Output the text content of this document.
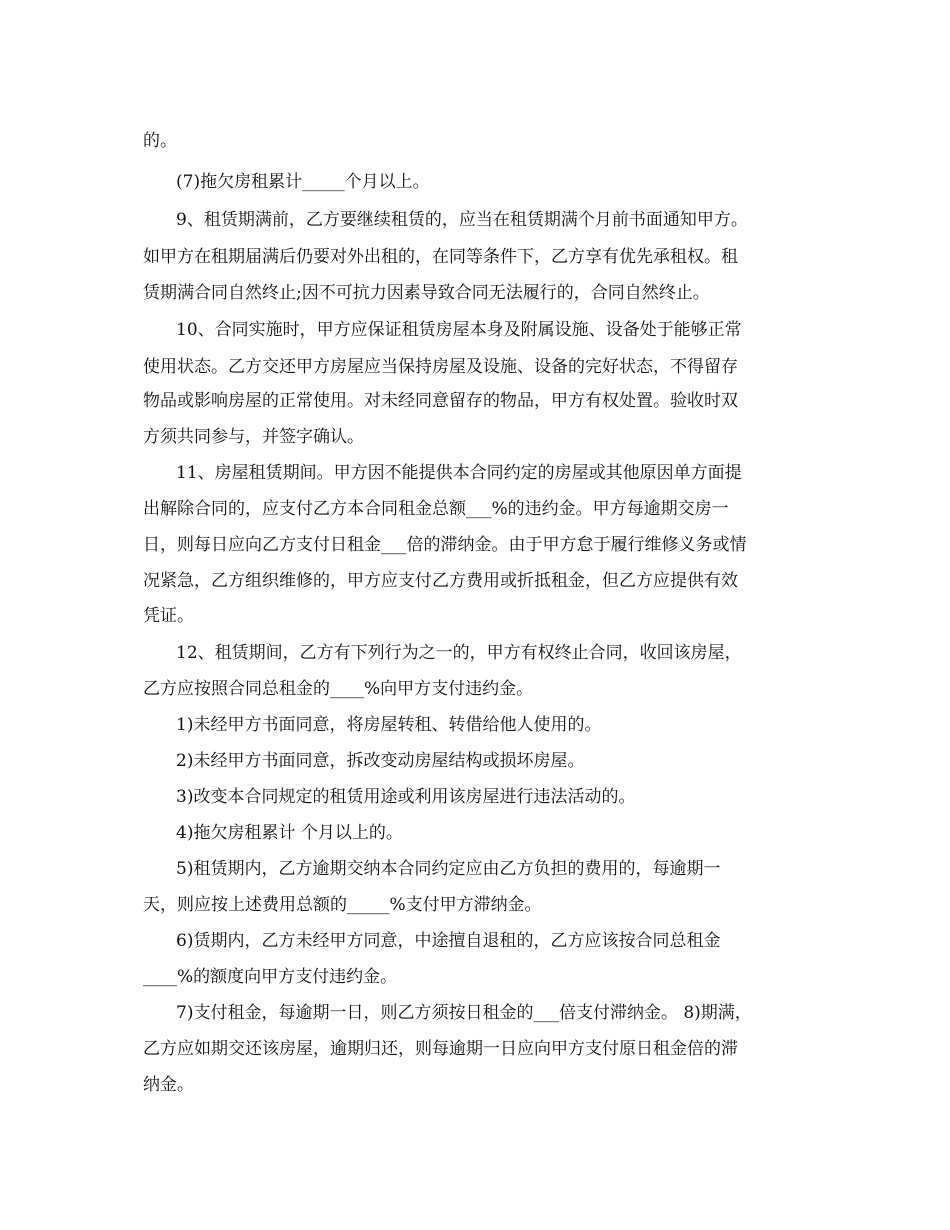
的。
(7)拖欠房租累计_____个月以上。
9、租赁期满前，乙方要继续租赁的，应当在租赁期满个月前书面通知甲方。
如甲方在租期届满后仍要对外出租的，在同等条件下，乙方享有优先承租权。租
赁期满合同自然终止;因不可抗力因素导致合同无法履行的，合同自然终止。
10、合同实施时，甲方应保证租赁房屋本身及附属设施、设备处于能够正常
使用状态。乙方交还甲方房屋应当保持房屋及设施、设备的完好状态，不得留存
物品或影响房屋的正常使用。对未经同意留存的物品，甲方有权处置。验收时双
方须共同参与，并签字确认。
11、房屋租赁期间。甲方因不能提供本合同约定的房屋或其他原因单方面提
出解除合同的，应支付乙方本合同租金总额___%的违约金。甲方每逾期交房一
日，则每日应向乙方支付日租金___倍的滞纳金。由于甲方怠于履行维修义务或情
况紧急，乙方组织维修的，甲方应支付乙方费用或折抵租金，但乙方应提供有效
凭证。
12、租赁期间，乙方有下列行为之一的，甲方有权终止合同，收回该房屋，
乙方应按照合同总租金的____%向甲方支付违约金。
1)未经甲方书面同意，将房屋转租、转借给他人使用的。
2)未经甲方书面同意，拆改变动房屋结构或损坏房屋。
3)改变本合同规定的租赁用途或利用该房屋进行违法活动的。
4)拖欠房租累计 个月以上的。
5)租赁期内，乙方逾期交纳本合同约定应由乙方负担的费用的，每逾期一
天，则应按上述费用总额的_____%支付甲方滞纳金。
6)赁期内，乙方未经甲方同意，中途擅自退租的，乙方应该按合同总租金
____%的额度向甲方支付违约金。
7)支付租金，每逾期一日，则乙方须按日租金的___倍支付滞纳金。 8)期满，
乙方应如期交还该房屋，逾期归还，则每逾期一日应向甲方支付原日租金倍的滞
纳金。
